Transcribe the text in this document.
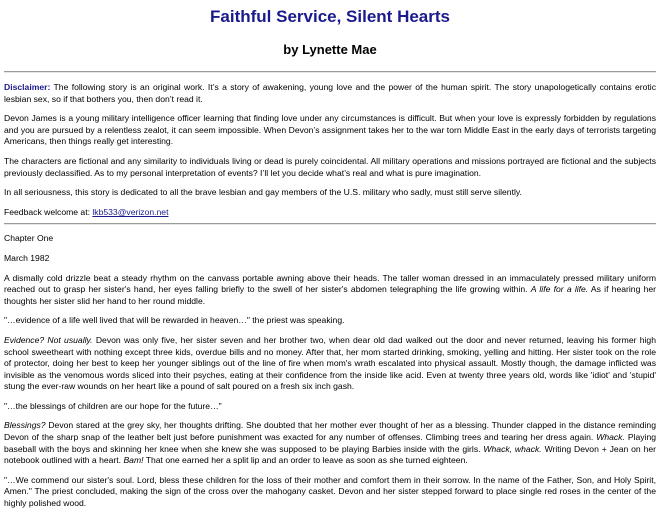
Faithful Service, Silent Hearts
by Lynette Mae

Disclaimer: The following story is an original work. It’s a story of awakening, young love and the power of the human spirit. The story unapologetically contains erotic lesbian sex, so if that bothers you, then don’t read it.

Devon James is a young military intelligence officer learning that finding love under any circumstances is difficult. But when your love is expressly forbidden by regulations and you are pursued by a relentless zealot, it can seem impossible. When Devon’s assignment takes her to the war torn Middle East in the early days of terrorists targeting Americans, then things really get interesting.

The characters are fictional and any similarity to individuals living or dead is purely coincidental. All military operations and missions portrayed are fictional and the subjects previously declassified. As to my personal interpretation of events? I’ll let you decide what’s real and what is pure imagination.

In all seriousness, this story is dedicated to all the brave lesbian and gay members of the U.S. military who sadly, must still serve silently.

Feedback welcome at: lkb533@verizon.net

Chapter One

March 1982

A dismally cold drizzle beat a steady rhythm on the canvass portable awning above their heads. The taller woman dressed in an immaculately pressed military uniform reached out to grasp her sister's hand, her eyes falling briefly to the swell of her sister's abdomen telegraphing the life growing within. A life for a life. As if hearing her thoughts her sister slid her hand to her round middle.

"…evidence of a life well lived that will be rewarded in heaven…" the priest was speaking.

Evidence? Not usually. Devon was only five, her sister seven and her brother two, when dear old dad walked out the door and never returned, leaving his former high school sweetheart with nothing except three kids, overdue bills and no money. After that, her mom started drinking, smoking, yelling and hitting. Her sister took on the role of protector, doing her best to keep her younger siblings out of the line of fire when mom's wrath escalated into physical assault. Mostly though, the damage inflicted was invisible as the venomous words sliced into their psyches, eating at their confidence from the inside like acid. Even at twenty three years old, words like 'idiot' and 'stupid' stung the ever-raw wounds on her heart like a pound of salt poured on a fresh six inch gash.

"…the blessings of children are our hope for the future…"

Blessings? Devon stared at the grey sky, her thoughts drifting. She doubted that her mother ever thought of her as a blessing. Thunder clapped in the distance reminding Devon of the sharp snap of the leather belt just before punishment was exacted for any number of offenses. Climbing trees and tearing her dress again. Whack. Playing baseball with the boys and skinning her knee when she knew she was supposed to be playing Barbies inside with the girls. Whack, whack. Writing Devon + Jean on her notebook outlined with a heart. Bam! That one earned her a split lip and an order to leave as soon as she turned eighteen.

"…We commend our sister's soul. Lord, bless these children for the loss of their mother and comfort them in their sorrow. In the name of the Father, Son, and Holy Spirit, Amen." The priest concluded, making the sign of the cross over the mahogany casket. Devon and her sister stepped forward to place single red roses in the center of the highly polished wood.
